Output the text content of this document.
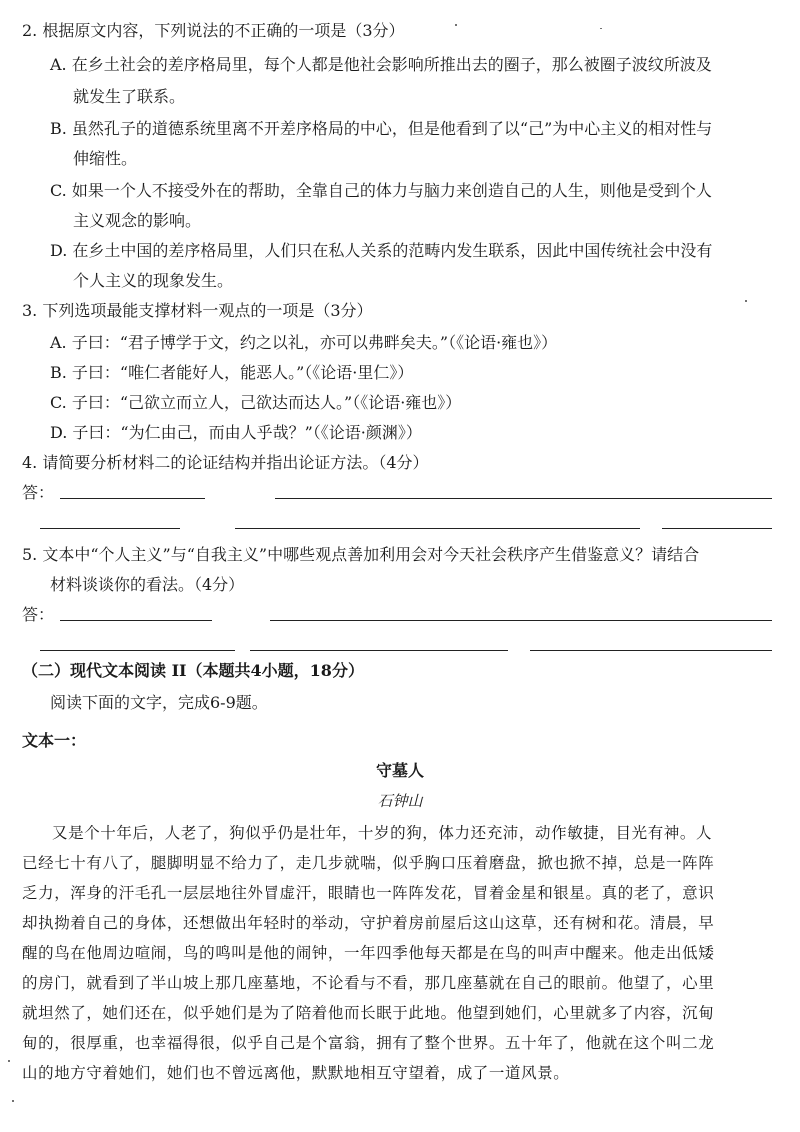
2. 根据原文内容，下列说法的不正确的一项是（3分）
A. 在乡土社会的差序格局里，每个人都是他社会影响所推出去的圈子，那么被圈子波纹所波及
就发生了联系。
B. 虽然孔子的道德系统里离不开差序格局的中心，但是他看到了以“己”为中心主义的相对性与
伸缩性。
C. 如果一个人不接受外在的帮助，全靠自己的体力与脑力来创造自己的人生，则他是受到个人
主义观念的影响。
D. 在乡土中国的差序格局里，人们只在私人关系的范畴内发生联系，因此中国传统社会中没有
个人主义的现象发生。
3. 下列选项最能支撑材料一观点的一项是（3分）
A. 子曰：“君子博学于文，约之以礼，亦可以弗畔矣夫。”（《论语·雍也》）
B. 子曰：“唯仁者能好人，能恶人。”（《论语·里仁》）
C. 子曰：“己欲立而立人，己欲达而达人。”（《论语·雍也》）
D. 子曰：“为仁由己，而由人乎哉？”（《论语·颜渊》）
4. 请简要分析材料二的论证结构并指出论证方法。（4分）
答：
5. 文本中“个人主义”与“自我主义”中哪些观点善加利用会对今天社会秩序产生借鉴意义？请结合
材料谈谈你的看法。（4分）
答：
（二）现代文本阅读 II（本题共4小题，18分）
阅读下面的文字，完成6-9题。
文本一：
守墓人
石钟山
又是个十年后，人老了，狗似乎仍是壮年，十岁的狗，体力还充沛，动作敏捷，目光有神。人
已经七十有八了，腿脚明显不给力了，走几步就喘，似乎胸口压着磨盘，掀也掀不掉，总是一阵阵
乏力，浑身的汗毛孔一层层地往外冒虚汗，眼睛也一阵阵发花，冒着金星和银星。真的老了，意识
却执拗着自己的身体，还想做出年轻时的举动，守护着房前屋后这山这草，还有树和花。清晨，早
醒的鸟在他周边喧闹，鸟的鸣叫是他的闹钟，一年四季他每天都是在鸟的叫声中醒来。他走出低矮
的房门，就看到了半山坡上那几座墓地，不论看与不看，那几座墓就在自己的眼前。他望了，心里
就坦然了，她们还在，似乎她们是为了陪着他而长眠于此地。他望到她们，心里就多了内容，沉甸
甸的，很厚重，也幸福得很，似乎自己是个富翁，拥有了整个世界。五十年了，他就在这个叫二龙
山的地方守着她们，她们也不曾远离他，默默地相互守望着，成了一道风景。
